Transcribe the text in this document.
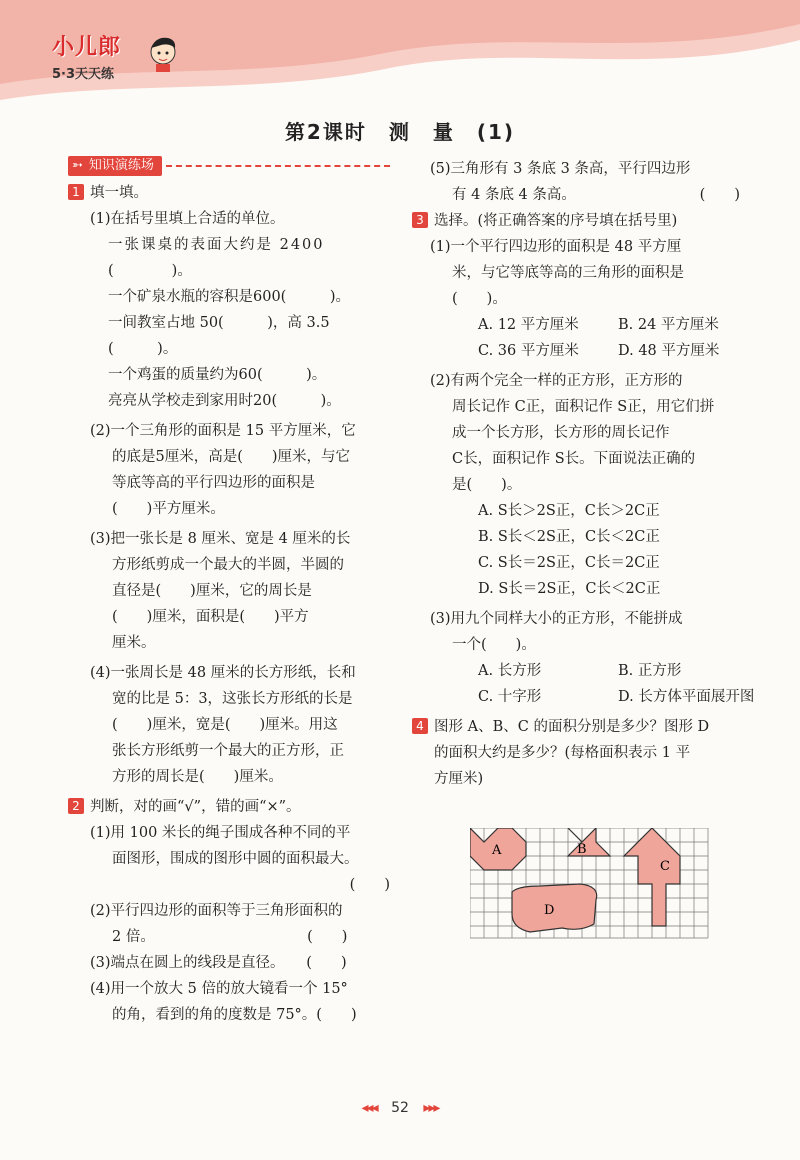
小儿郎
5·3天天练
第2课时　测　量　(1)
➳ 知识演练场
1 填一填。
(1)在括号里填上合适的单位。
一张课桌的表面大约是 2400
(　　　　)。
一个矿泉水瓶的容积是600(　　　)。
一间教室占地 50(　　　)，高 3.5
(　　　)。
一个鸡蛋的质量约为60(　　　)。
亮亮从学校走到家用时20(　　　)。
(2)一个三角形的面积是 15 平方厘米，它
的底是5厘米，高是(　　)厘米，与它
等底等高的平行四边形的面积是
(　　)平方厘米。
(3)把一张长是 8 厘米、宽是 4 厘米的长
方形纸剪成一个最大的半圆，半圆的
直径是(　　)厘米，它的周长是
(　　)厘米，面积是(　　)平方
厘米。
(4)一张周长是 48 厘米的长方形纸，长和
宽的比是 5：3，这张长方形纸的长是
(　　)厘米，宽是(　　)厘米。用这
张长方形纸剪一个最大的正方形，正
方形的周长是(　　)厘米。
2 判断，对的画“√”，错的画“×”。
(1)用 100 米长的绳子围成各种不同的平
面图形，围成的图形中圆的面积最大。
(　　)
(2)平行四边形的面积等于三角形面积的
2 倍。　　　　　　　　　　　(　　)
(3)端点在圆上的线段是直径。　　(　　)
(4)用一个放大 5 倍的放大镜看一个 15°
的角，看到的角的度数是 75°。(　　)
(5)三角形有 3 条底 3 条高，平行四边形
有 4 条底 4 条高。	(　　)
3 选择。(将正确答案的序号填在括号里)
(1)一个平行四边形的面积是 48 平方厘
米，与它等底等高的三角形的面积是
(　　)。
A. 12 平方厘米	B. 24 平方厘米
C. 36 平方厘米	D. 48 平方厘米
(2)有两个完全一样的正方形，正方形的
周长记作 C正，面积记作 S正，用它们拼
成一个长方形，长方形的周长记作
C长，面积记作 S长。下面说法正确的
是(　　)。
A. S长＞2S正，C长＞2C正
B. S长＜2S正，C长＜2C正
C. S长＝2S正，C长＝2C正
D. S长＝2S正，C长＜2C正
(3)用九个同样大小的正方形，不能拼成
一个(　　)。
A. 长方形	B. 正方形
C. 十字形	D. 长方体平面展开图
4 图形 A、B、C 的面积分别是多少？图形 D
的面积大约是多少？(每格面积表示 1 平
方厘米)
A	B
C
D
◂◂◂ 52 ▸▸▸
